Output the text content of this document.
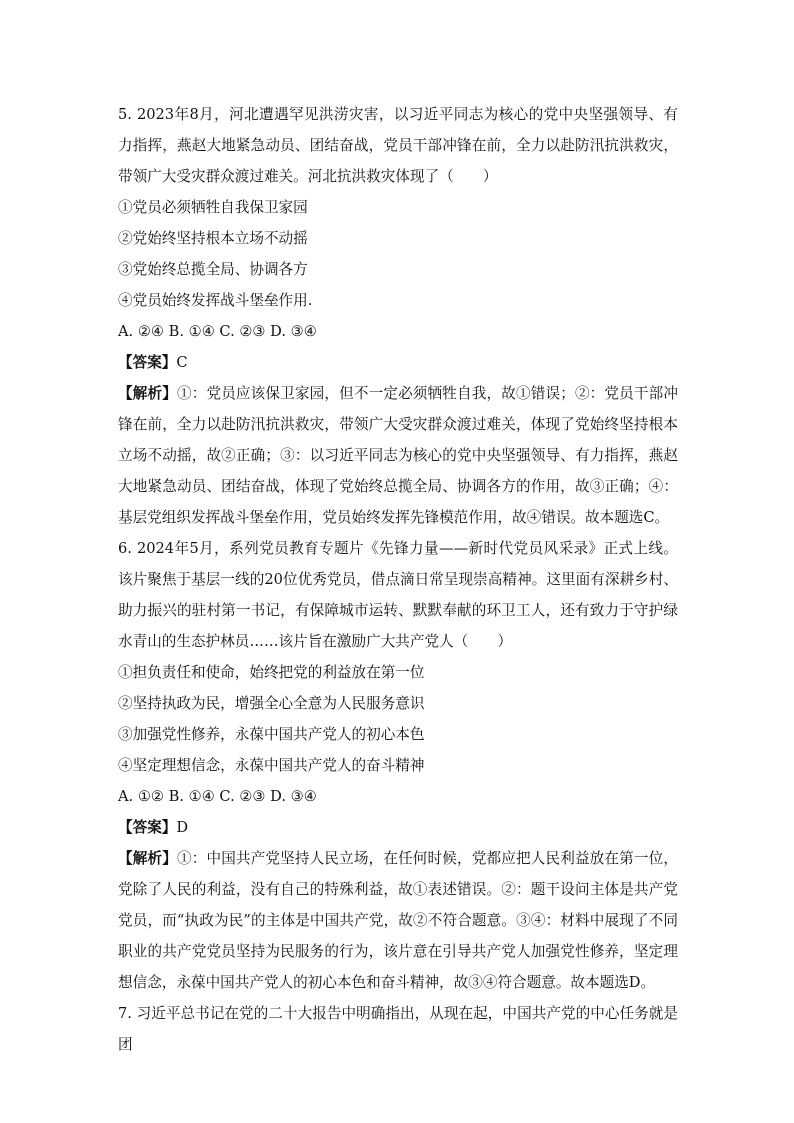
5. 2023年8月，河北遭遇罕见洪涝灾害，以习近平同志为核心的党中央坚强领导、有力指挥，燕赵大地紧急动员、团结奋战，党员干部冲锋在前，全力以赴防汛抗洪救灾，带领广大受灾群众渡过难关。河北抗洪救灾体现了（　　）

①党员必须牺牲自我保卫家园

②党始终坚持根本立场不动摇

③党始终总揽全局、协调各方

④党员始终发挥战斗堡垒作用.

A. ②④ B. ①④ C. ②③ D. ③④

【答案】C

【解析】①：党员应该保卫家园，但不一定必须牺牲自我，故①错误；②：党员干部冲锋在前，全力以赴防汛抗洪救灾，带领广大受灾群众渡过难关，体现了党始终坚持根本立场不动摇，故②正确；③：以习近平同志为核心的党中央坚强领导、有力指挥，燕赵大地紧急动员、团结奋战，体现了党始终总揽全局、协调各方的作用，故③正确；④：基层党组织发挥战斗堡垒作用，党员始终发挥先锋模范作用，故④错误。故本题选C。

6. 2024年5月，系列党员教育专题片《先锋力量——新时代党员风采录》正式上线。该片聚焦于基层一线的20位优秀党员，借点滴日常呈现崇高精神。这里面有深耕乡村、助力振兴的驻村第一书记，有保障城市运转、默默奉献的环卫工人，还有致力于守护绿水青山的生态护林员……该片旨在激励广大共产党人（　　）

①担负责任和使命，始终把党的利益放在第一位

②坚持执政为民，增强全心全意为人民服务意识

③加强党性修养，永葆中国共产党人的初心本色

④坚定理想信念，永葆中国共产党人的奋斗精神

A. ①② B. ①④ C. ②③ D. ③④

【答案】D

【解析】①：中国共产党坚持人民立场，在任何时候，党都应把人民利益放在第一位，党除了人民的利益，没有自己的特殊利益，故①表述错误。②：题干设问主体是共产党党员，而“执政为民”的主体是中国共产党，故②不符合题意。③④：材料中展现了不同职业的共产党党员坚持为民服务的行为，该片意在引导共产党人加强党性修养，坚定理想信念，永葆中国共产党人的初心本色和奋斗精神，故③④符合题意。故本题选D。

7. 习近平总书记在党的二十大报告中明确指出，从现在起，中国共产党的中心任务就是团
